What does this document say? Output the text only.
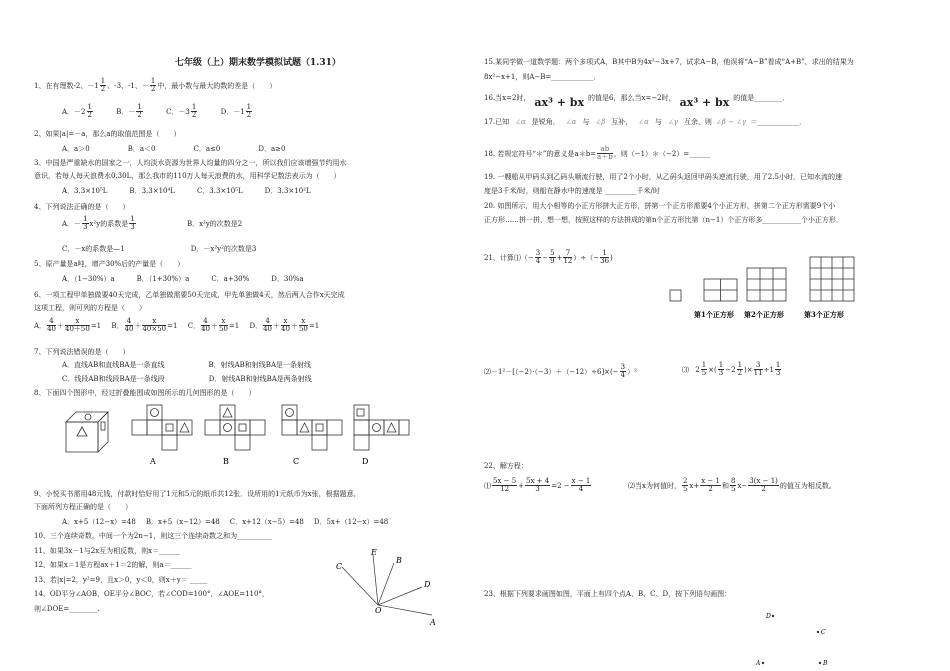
七年级（上）期末数学模拟试题（1.31）
1、在有理数-2、$-1 \frac{1}{2}$ 、-3、-1、－ $\frac{1}{2}$ 中，最小数与最大的数的差是（　　）
A．$-2 \frac{1}{2}$	B．－ $\frac{1}{2}$	C．$-3 \frac{1}{2}$	D．$-1 \frac{1}{2}$
2、如果|a|=－a，那么a的取值范围是（　　）
A．a＞0	B．a＜0	C．a≤0	D．a≥0
3、中国是严重缺水的国家之一，人均淡水资源为世界人均量的四分之一，所以我们应该增强节约用水
意识，若每人每天浪费水0.30L，那么我市的110万人每天浪费的水，用科学记数法表示为（　　）
A．3.3×10⁵L	B．3.3×10⁴L	C．3.3×10⁵L	D．3.3×10²L
4、下列说法正确的是（　　）
A．－ $\frac{1}{3} x^2y$的系数是 $\frac{1}{3}$	B．x²y的次数是2
C．－x的系数是—1	D．－x²y²的次数是3
5、原产量是a吨，增产30%后的产量是（　　）
A．（1−30%）a	B．（1+30%）a	C．a+30%	D．30%a
6、一项工程甲单独做要40天完成，乙单独做需要50天完成，甲先单独做4天，然后两人合作x天完成
这项工程，则可列的方程是（　　）
A． $\frac{4}{40} + \frac{x}{40+50} =1$ B． $\frac{4}{40} + \frac{x}{40\times 50} =1$ C． $\frac{4}{40} + \frac{x}{50} =1$ D． $\frac{4}{40} + \frac{x}{40} + \frac{x}{50} =1$
7、下列说法错误的是（　　）
A．直线AB和直线BA是一条直线	B．射线AB和射线BA是一条射线
C．线段AB和线段BA是一条线段	D．射线AB和射线BA是两条射线
8、下面四个图形中，经过折叠能围成如图所示的几何图形的是（　　）
A	B	C	D
9、小悦买书需用48元钱，付款时恰好用了1元和5元的纸币共12张．设所用的1元纸币为x张，根据题意，
下面所列方程正确的是（　　）
A．x+5（12−x）=48 B．x+5（x−12）=48 C．x+12（x−5）=48 D．5x+（12−x）=48
10、三个连续奇数，中间一个为2n−1，则这三个连续奇数之和为__________
11、如果3x－1与2x互为相反数，则x＝______
12、如果x＝1是方程ax＋1＝2的解，则a＝______
13、若|x|=2，y²=9，且x＞0，y＜0，则x＋y＝ _____
14、OD平分∠AOB，OE平分∠BOC，若∠COD=100°，∠AOE=110°，
则∠DOE=________.
E
B
C
D
O
A
15.某同学做一道数学题：两个多项式A，B其中B为4x²−3x+7，试求A−B，他误将“A−B”看成“A+B”，求出的结果为
8x²−x+1，则A−B=____________．
16.当x=2时， ax³ + bx 的值是6，那么当x=−2时， ax³ + bx 的值是________．
17.已知 ∠α 是锐角， ∠α 与 ∠β 互补， ∠α 与 ∠γ 互余，则 ∠β − ∠γ ＝____________．
18. 若规定符号“＊”的意义是a＊b= $\frac{ab}{a+b}$ ，则（−1）＊（−2）=______
19. 一艘船从甲码头到乙码头顺流行驶，用了2个小时，从乙码头返回甲码头逆流行驶，用了2.5小时，已知水流的速
度是3千米/时，则船在静水中的速度是 _________千米/时
20. 如图所示，用大小相等的小正方形拼大正方形，拼第一个正方形需要4个小正方形，拼第二个正方形需要9个小
正方形……拼一拼，想一想，按照这样的方法拼成的第n个正方形比第（n−1）个正方形多___________个小正方形．
21、计算⑴（− $\frac{3}{4} - \frac{5}{9} + \frac{7}{12}$ ）÷（− $\frac{1}{36}$ )
第1个正方形 第2个正方形	第3个正方形
⑵－1²－[（−2）·（−3）＋（−12）÷6]×(− $\frac{3}{4} )^2$	⑶ $2 \frac{1}{5}$ ×( $\frac{1}{3} -2 \frac{1}{2}$ )× $\frac{3}{11} \div 1 \frac{1}{3}$
22、解方程：
⑴ $\frac{5x - 5}{12} + \frac{5x + 4}{3} =2 - \frac{x - 1}{4}$	⑵当x为何值时， $\frac{2}{5} x+ \frac{x - 1}{2}$ 和 $\frac{8}{5} x- \frac{3(x - 1)}{2}$ 的值互为相反数。
23、根据下列要求画图如图，平面上有四个点A、B、C、D，按下列语句画图：
D
C
A	B
